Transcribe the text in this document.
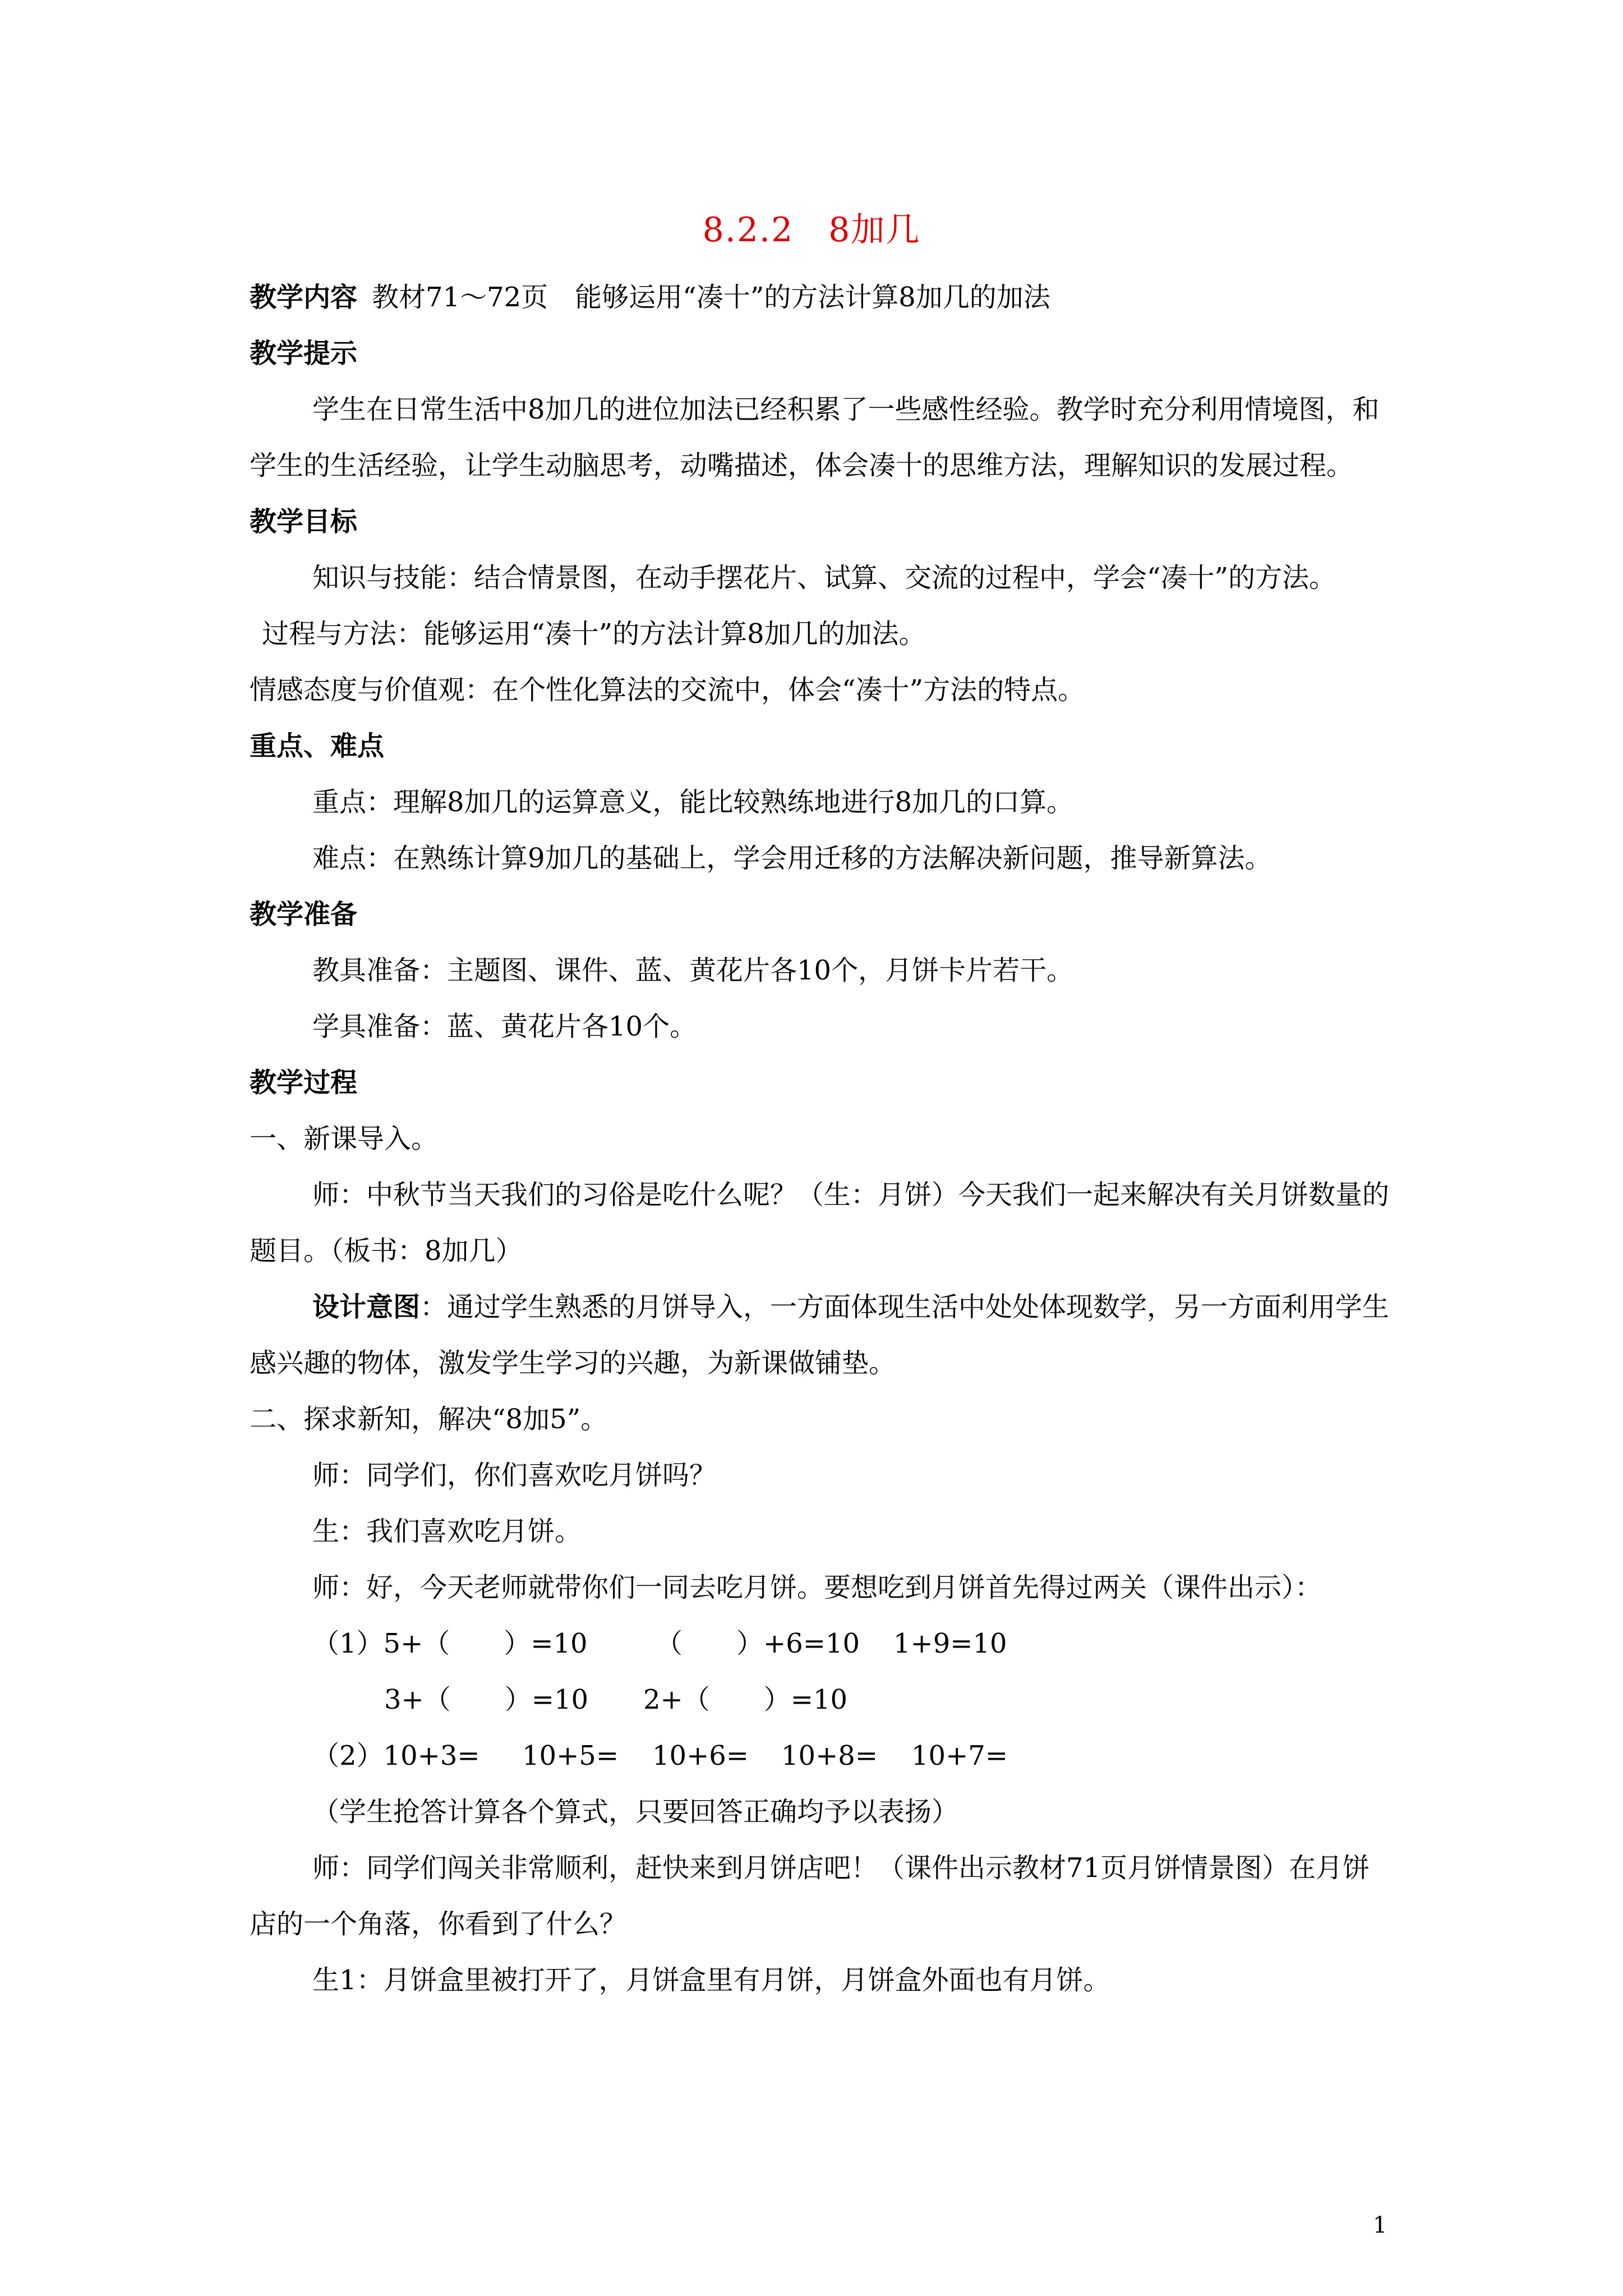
8.2.2　8加几

教学内容 教材71～72页　能够运用“凑十”的方法计算8加几的加法

教学提示

学生在日常生活中8加几的进位加法已经积累了一些感性经验。教学时充分利用情境图，和学生的生活经验，让学生动脑思考，动嘴描述，体会凑十的思维方法，理解知识的发展过程。

教学目标

知识与技能：结合情景图，在动手摆花片、试算、交流的过程中，学会“凑十”的方法。

过程与方法：能够运用“凑十”的方法计算8加几的加法。

情感态度与价值观：在个性化算法的交流中，体会“凑十”方法的特点。

重点、难点

重点：理解8加几的运算意义，能比较熟练地进行8加几的口算。

难点：在熟练计算9加几的基础上，学会用迁移的方法解决新问题，推导新算法。

教学准备

教具准备：主题图、课件、蓝、黄花片各10个，月饼卡片若干。

学具准备：蓝、黄花片各10个。

教学过程

一、新课导入。

师：中秋节当天我们的习俗是吃什么呢？（生：月饼）今天我们一起来解决有关月饼数量的题目。（板书：8加几）

设计意图：通过学生熟悉的月饼导入，一方面体现生活中处处体现数学，另一方面利用学生感兴趣的物体，激发学生学习的兴趣，为新课做铺垫。

二、探求新知，解决“8加5”。

师：同学们，你们喜欢吃月饼吗？

生：我们喜欢吃月饼。

师：好，今天老师就带你们一同去吃月饼。要想吃到月饼首先得过两关（课件出示）：

（1）5+（　　）=10	（　　）+6=10	1+9=10
3+（　　）=10	2+（　　）=10
（2）10+3=	10+5=	10+6=	10+8=	10+7=

（学生抢答计算各个算式，只要回答正确均予以表扬）

师：同学们闯关非常顺利，赶快来到月饼店吧！（课件出示教材71页月饼情景图）在月饼店的一个角落，你看到了什么？

生1：月饼盒里被打开了，月饼盒里有月饼，月饼盒外面也有月饼。

1
